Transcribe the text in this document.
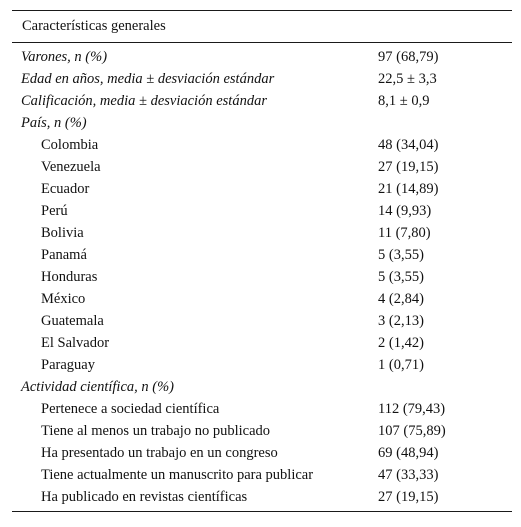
Características generales
Varones, n (%)	97 (68,79)
Edad en años, media ± desviación estándar	22,5 ± 3,3
Calificación, media ± desviación estándar	8,1 ± 0,9
País, n (%)
Colombia	48 (34,04)
Venezuela	27 (19,15)
Ecuador	21 (14,89)
Perú	14 (9,93)
Bolivia	11 (7,80)
Panamá	5 (3,55)
Honduras	5 (3,55)
México	4 (2,84)
Guatemala	3 (2,13)
El Salvador	2 (1,42)
Paraguay	1 (0,71)
Actividad científica, n (%)
Pertenece a sociedad científica	112 (79,43)
Tiene al menos un trabajo no publicado	107 (75,89)
Ha presentado un trabajo en un congreso	69 (48,94)
Tiene actualmente un manuscrito para publicar	47 (33,33)
Ha publicado en revistas científicas	27 (19,15)
